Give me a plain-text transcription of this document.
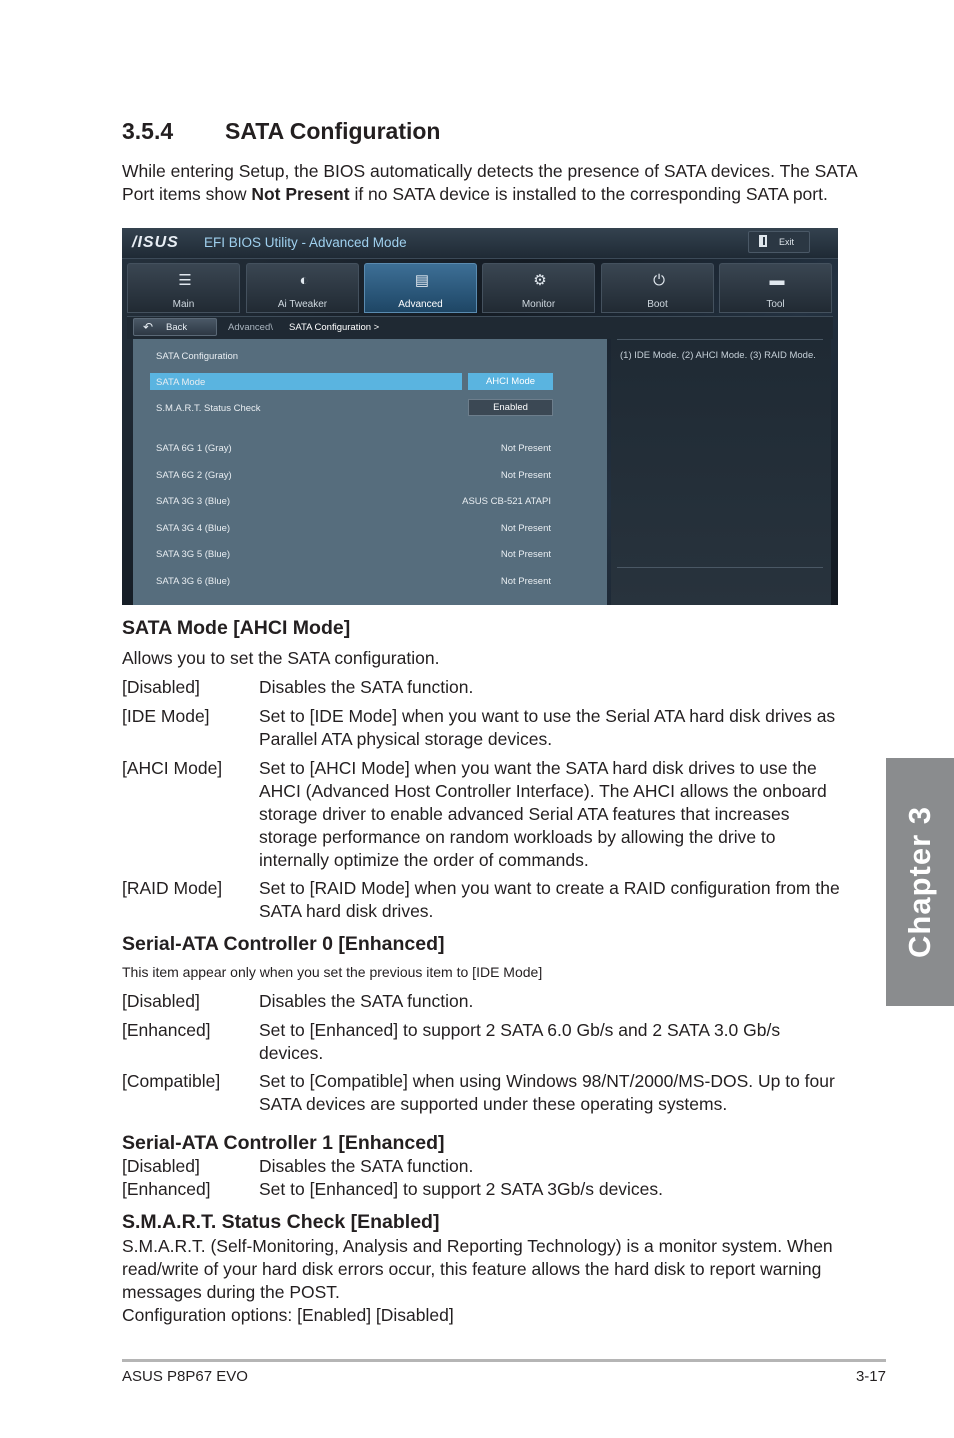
3.5.4 SATA Configuration
While entering Setup, the BIOS automatically detects the presence of SATA devices. The SATA
Port items show Not Present if no SATA device is installed to the corresponding SATA port.
/ISUS EFI BIOS Utility - Advanced Mode	Exit
☰
Main
◐
Ai Tweaker
▤
Advanced
⚙
Monitor
⏻
Boot
▬
Tool
↶ Back	Advanced\ SATA Configuration >
SATA Configuration
SATA Mode	AHCI Mode
S.M.A.R.T. Status Check	Enabled
SATA 6G 1 (Gray)	Not Present
SATA 6G 2 (Gray)	Not Present
SATA 3G 3 (Blue)	ASUS CB-521 ATAPI
SATA 3G 4 (Blue)	Not Present
SATA 3G 5 (Blue)	Not Present
SATA 3G 6 (Blue)	Not Present
(1) IDE Mode. (2) AHCI Mode. (3) RAID Mode.
SATA Mode [AHCI Mode]
Allows you to set the SATA configuration.
[Disabled]	Disables the SATA function.
[IDE Mode]	Set to [IDE Mode] when you want to use the Serial ATA hard disk drives as
Parallel ATA physical storage devices.
[AHCI Mode] Set to [AHCI Mode] when you want the SATA hard disk drives to use the
AHCI (Advanced Host Controller Interface). The AHCI allows the onboard
storage driver to enable advanced Serial ATA features that increases
storage performance on random workloads by allowing the drive to
internally optimize the order of commands.
[RAID Mode] Set to [RAID Mode] when you want to create a RAID configuration from the
SATA hard disk drives.
Serial-ATA Controller 0 [Enhanced]
This item appear only when you set the previous item to [IDE Mode]
[Disabled]	Disables the SATA function.
[Enhanced]	Set to [Enhanced] to support 2 SATA 6.0 Gb/s and 2 SATA 3.0 Gb/s
devices.
[Compatible] Set to [Compatible] when using Windows 98/NT/2000/MS-DOS. Up to four
SATA devices are supported under these operating systems.
Serial-ATA Controller 1 [Enhanced]
[Disabled]	Disables the SATA function.
[Enhanced]	Set to [Enhanced] to support 2 SATA 3Gb/s devices.
S.M.A.R.T. Status Check [Enabled]
S.M.A.R.T. (Self-Monitoring, Analysis and Reporting Technology) is a monitor system. When
read/write of your hard disk errors occur, this feature allows the hard disk to report warning
messages during the POST.
Configuration options: [Enabled] [Disabled]
Chapter 3
ASUS P8P67 EVO	3-17
